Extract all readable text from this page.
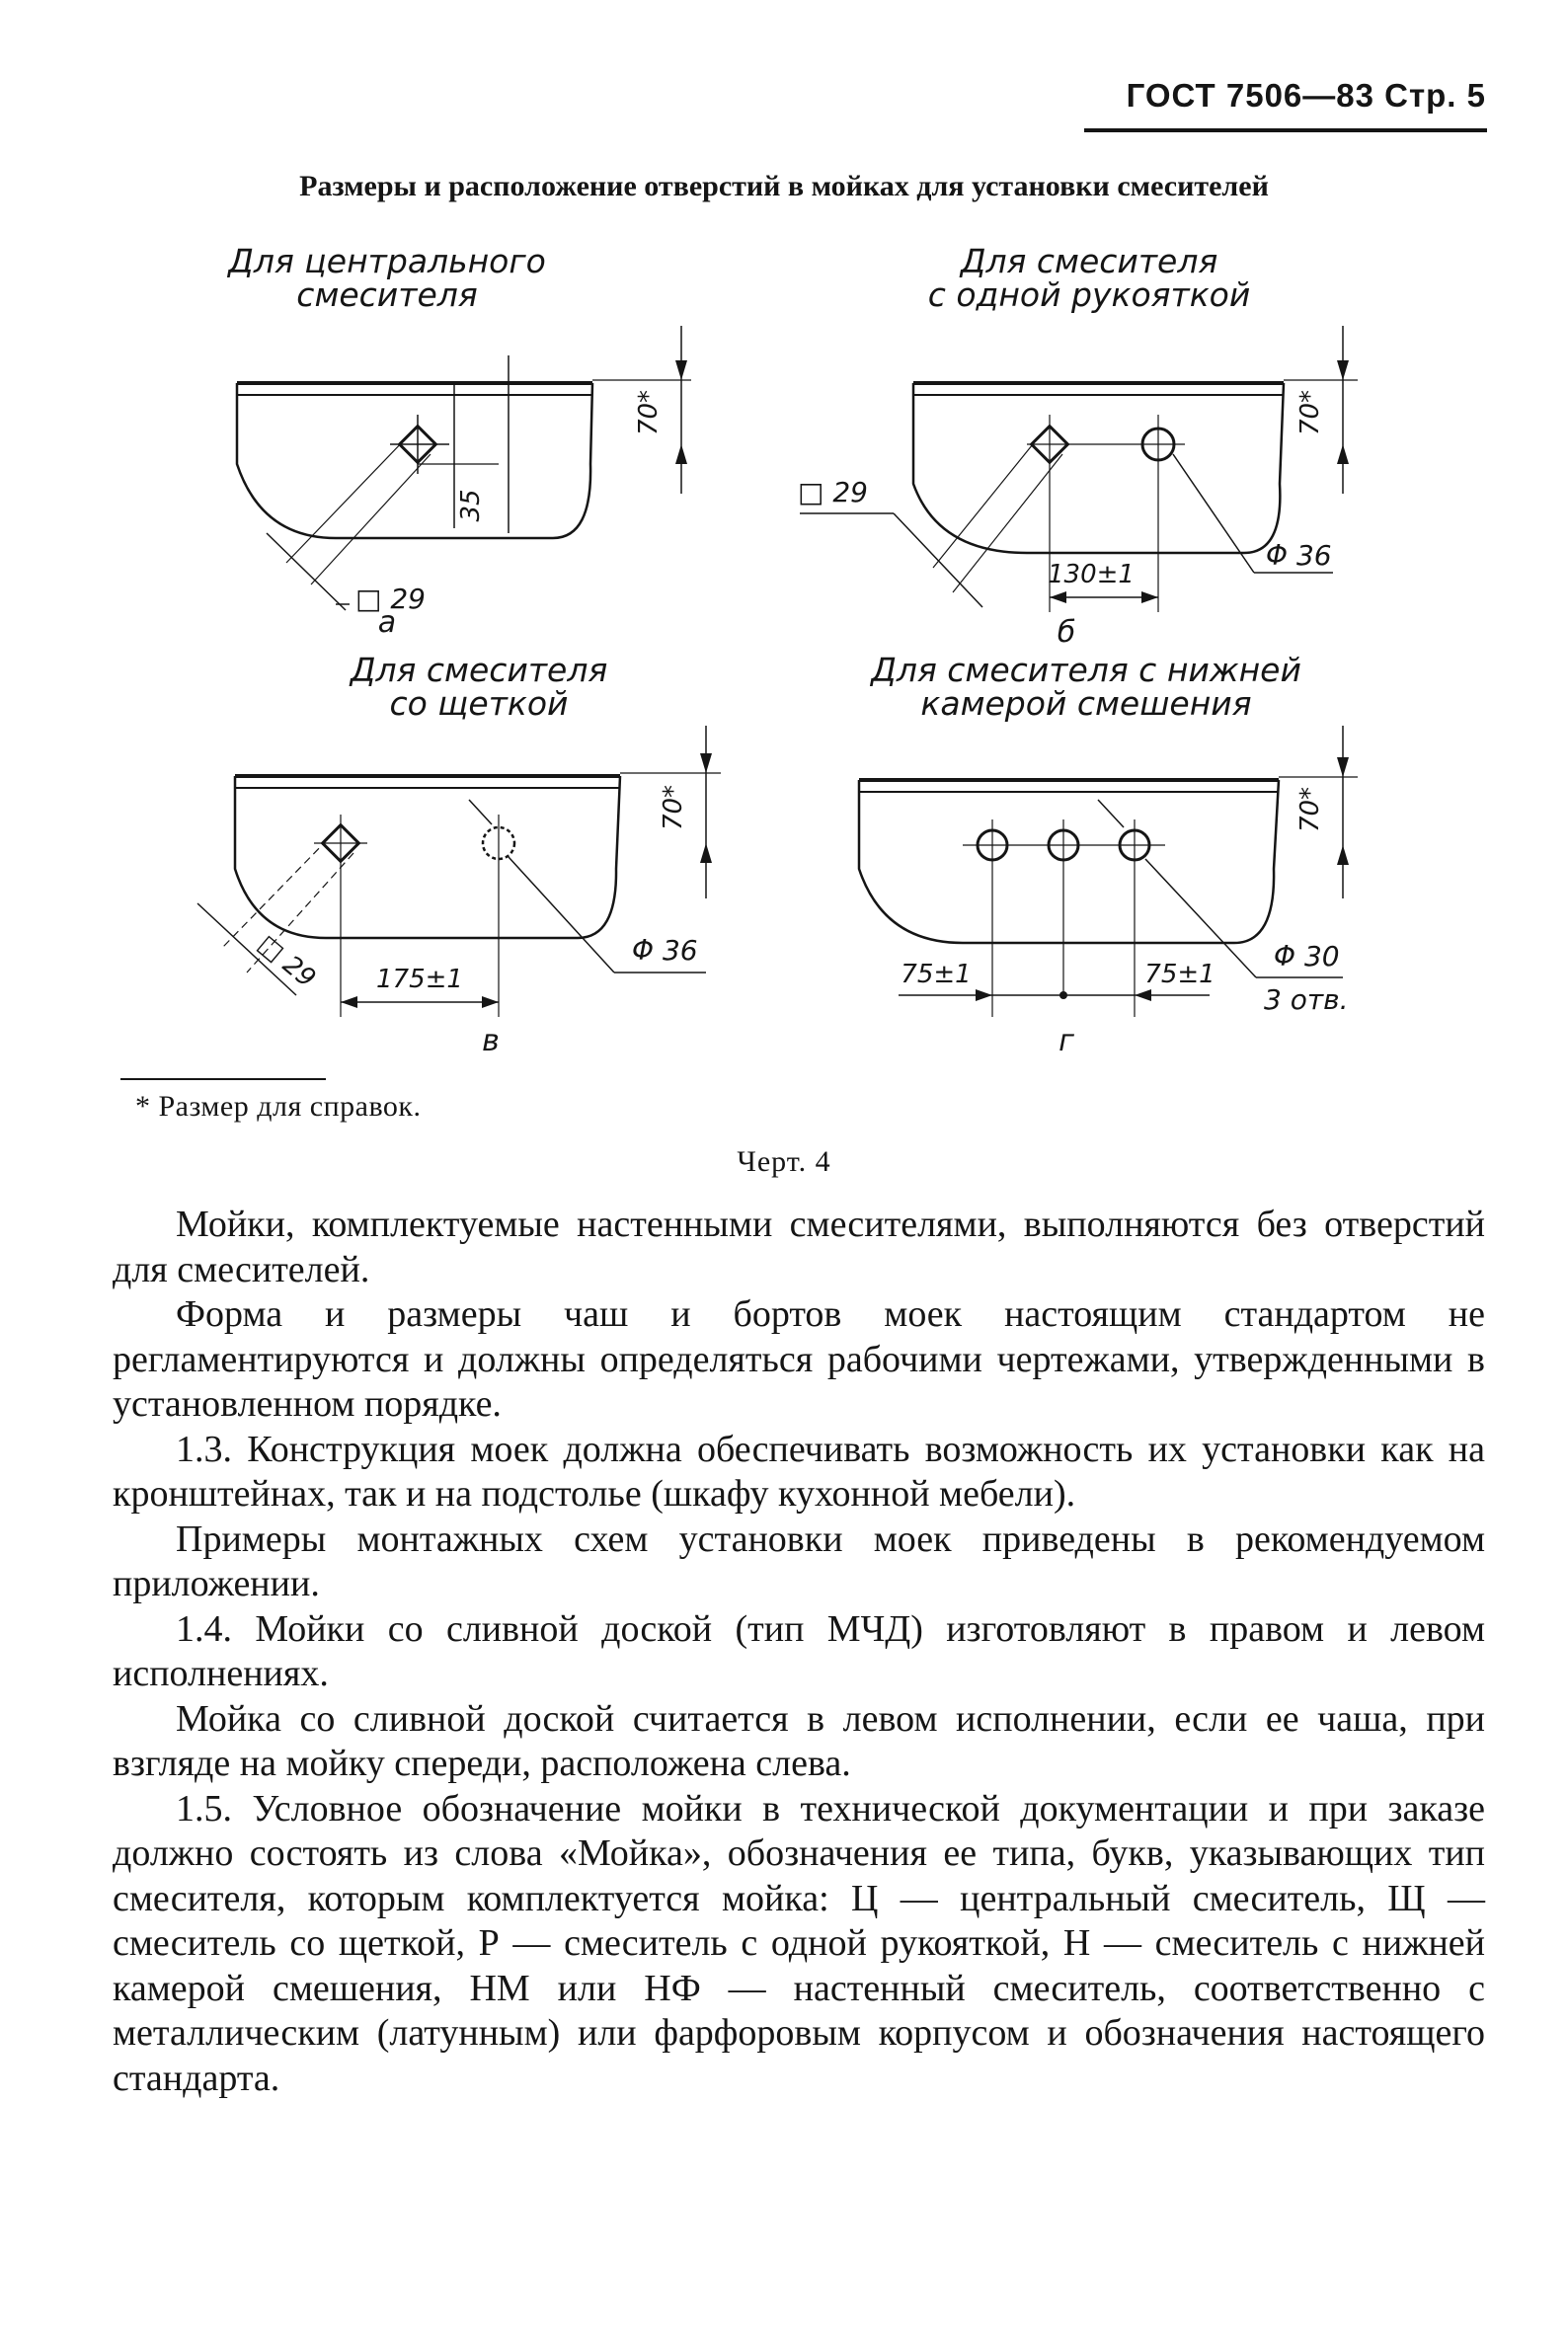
ГОСТ 7506—83 Стр. 5
Размеры и расположение отверстий в мойках для установки смесителей
Для центрального
смесителя
35
70*
□ 29
а
Для смесителя
с одной рукояткой
130±1
70*
□ 29
Φ 36
б
Для смесителя
со щеткой
175±1
70*
Φ 36
□ 29
в
Для смесителя с нижней
камерой смешения
75±1	75±1
70*
Φ 30
3 отв.
г
* Размер для справок.
Черт. 4

Мойки, комплектуемые настенными смесителями, выполняются без отверстий для смесителей.

Форма и размеры чаш и бортов моек настоящим стандартом не регламентируются и должны определяться рабочими чертежами, утвержденными в установленном порядке.

1.3. Конструкция моек должна обеспечивать возможность их установки как на кронштейнах, так и на подстолье (шкафу кухонной мебели).

Примеры монтажных схем установки моек приведены в рекомендуемом приложении.

1.4. Мойки со сливной доской (тип МЧД) изготовляют в правом и левом исполнениях.

Мойка со сливной доской считается в левом исполнении, если ее чаша, при взгляде на мойку спереди, расположена слева.

1.5. Условное обозначение мойки в технической документации и при заказе должно состоять из слова «Мойка», обозначения ее типа, букв, указывающих тип смесителя, которым комплектуется мойка: Ц — центральный смеситель, Щ — смеситель со щеткой, Р — смеситель с одной рукояткой, Н — смеситель с нижней камерой смешения, НМ или НФ — настенный смеситель, соответственно с металлическим (латунным) или фарфоровым корпусом и обозначения настоящего стандарта.
